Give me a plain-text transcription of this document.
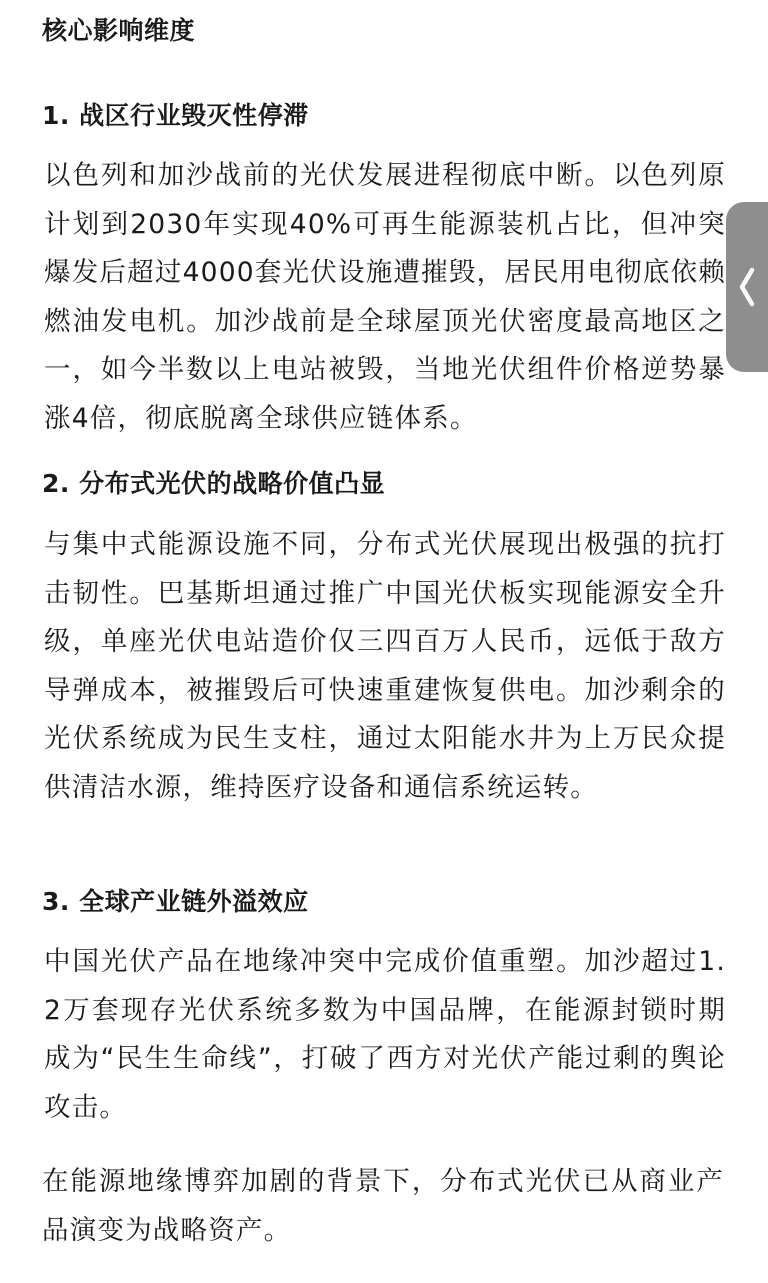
核心影响维度
1. 战区行业毁灭性停滞
以色列和加沙战前的光伏发展进程彻底中断。以色列原计划到2030年实现40%可再生能源装机占比，但冲突爆发后超过4000套光伏设施遭摧毁，居民用电彻底依赖燃油发电机。加沙战前是全球屋顶光伏密度最高地区之一，如今半数以上电站被毁，当地光伏组件价格逆势暴涨4倍，彻底脱离全球供应链体系。
2. 分布式光伏的战略价值凸显
与集中式能源设施不同，分布式光伏展现出极强的抗打击韧性。巴基斯坦通过推广中国光伏板实现能源安全升级，单座光伏电站造价仅三四百万人民币，远低于敌方导弹成本，被摧毁后可快速重建恢复供电。加沙剩余的光伏系统成为民生支柱，通过太阳能水井为上万民众提供清洁水源，维持医疗设备和通信系统运转。
3. 全球产业链外溢效应
中国光伏产品在地缘冲突中完成价值重塑。加沙超过1.2万套现存光伏系统多数为中国品牌，在能源封锁时期成为“民生生命线”，打破了西方对光伏产能过剩的舆论攻击。
在能源地缘博弈加剧的背景下，分布式光伏已从商业产品演变为战略资产。
